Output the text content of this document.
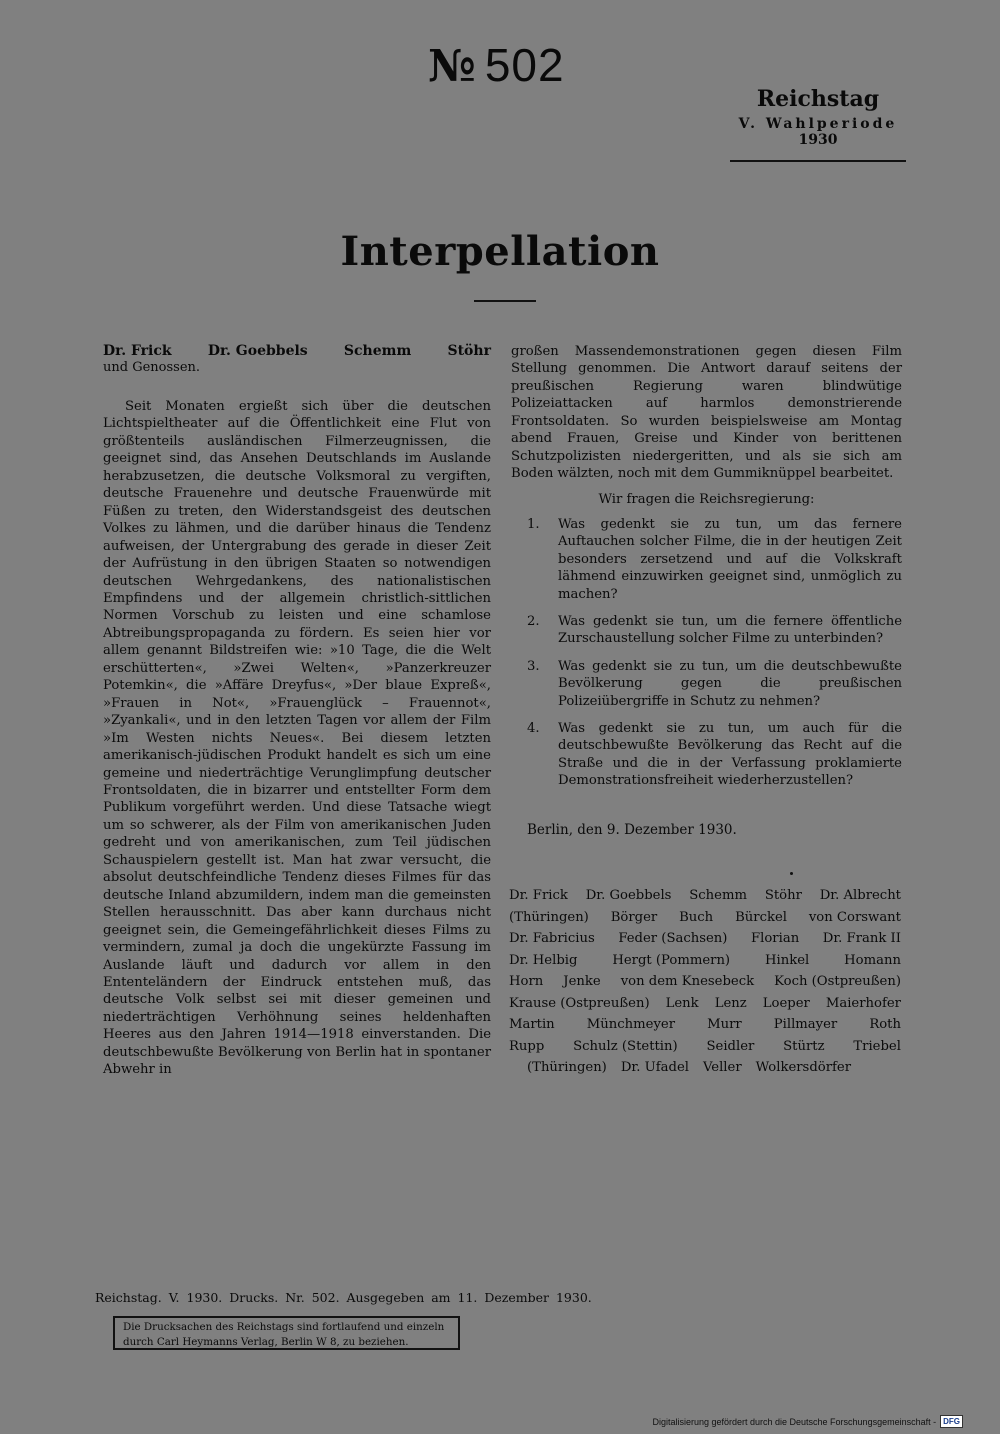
№ 502
Reichstag
V. Wahlperiode
1930
Interpellation
Dr. Frick	Dr. Goebbels	Schemm	Stöhr
und Genossen.

Seit Monaten ergießt sich über die deutschen Lichtspieltheater auf die Öffentlichkeit eine Flut von größtenteils ausländischen Filmerzeugnissen, die geeignet sind, das Ansehen Deutschlands im Auslande herabzusetzen, die deutsche Volksmoral zu vergiften, deutsche Frauenehre und deutsche Frauenwürde mit Füßen zu treten, den Widerstandsgeist des deutschen Volkes zu lähmen, und die darüber hinaus die Tendenz aufweisen, der Untergrabung des gerade in dieser Zeit der Aufrüstung in den übrigen Staaten so notwendigen deutschen Wehrgedankens, des nationalistischen Empfindens und der allgemein christlich-sittlichen Normen Vorschub zu leisten und eine schamlose Abtreibungspropaganda zu fördern. Es seien hier vor allem genannt Bildstreifen wie: »10 Tage, die die Welt erschütterten«, »Zwei Welten«, »Panzerkreuzer Potemkin«, die »Affäre Dreyfus«, »Der blaue Expreß«, »Frauen in Not«, »Frauenglück – Frauennot«, »Zyankali«, und in den letzten Tagen vor allem der Film »Im Westen nichts Neues«. Bei diesem letzten amerikanisch-jüdischen Produkt handelt es sich um eine gemeine und niederträchtige Verunglimpfung deutscher Frontsoldaten, die in bizarrer und entstellter Form dem Publikum vorgeführt werden. Und diese Tatsache wiegt um so schwerer, als der Film von amerikanischen Juden gedreht und von amerikanischen, zum Teil jüdischen Schauspielern gestellt ist. Man hat zwar versucht, die absolut deutschfeindliche Tendenz dieses Filmes für das deutsche Inland abzumildern, indem man die gemeinsten Stellen herausschnitt. Das aber kann durchaus nicht geeignet sein, die Gemeingefährlichkeit dieses Films zu vermindern, zumal ja doch die ungekürzte Fassung im Auslande läuft und dadurch vor allem in den Ententeländern der Eindruck entstehen muß, das deutsche Volk selbst sei mit dieser gemeinen und niederträchtigen Verhöhnung seines heldenhaften Heeres aus den Jahren 1914—1918 einverstanden. Die deutschbewußte Bevölkerung von Berlin hat in spontaner Abwehr in

großen Massendemonstrationen gegen diesen Film Stellung genommen. Die Antwort darauf seitens der preußischen Regierung waren blindwütige Polizeiattacken auf harmlos demonstrierende Frontsoldaten. So wurden beispielsweise am Montag abend Frauen, Greise und Kinder von berittenen Schutzpolizisten niedergeritten, und als sie sich am Boden wälzten, noch mit dem Gummiknüppel bearbeitet.

Wir fragen die Reichsregierung:
1.	Was gedenkt sie zu tun, um das fernere Auftauchen solcher Filme, die in der heutigen Zeit besonders zersetzend und auf die Volkskraft lähmend einzuwirken geeignet sind, unmöglich zu machen?
2.	Was gedenkt sie tun, um die fernere öffentliche Zurschaustellung solcher Filme zu unterbinden?
3.	Was gedenkt sie zu tun, um die deutschbewußte Bevölkerung gegen die preußischen Polizeiübergriffe in Schutz zu nehmen?
4.	Was gedenkt sie zu tun, um auch für die deutschbewußte Bevölkerung das Recht auf die Straße und die in der Verfassung proklamierte Demonstrationsfreiheit wiederherzustellen?
Berlin, den 9. Dezember 1930.
Dr. Frick Dr. Goebbels Schemm Stöhr Dr. Albrecht
(Thüringen) Börger Buch Bürckel von Corswant
Dr. Fabricius Feder (Sachsen) Florian Dr. Frank II
Dr. Helbig	Hergt (Pommern)	Hinkel	Homann
Horn Jenke von dem Knesebeck Koch (Ostpreußen)
Krause (Ostpreußen) Lenk Lenz Loeper Maierhofer
Martin Münchmeyer Murr Pillmayer Roth
Rupp Schulz (Stettin) Seidler Stürtz Triebel
(Thüringen) Dr. Ufadel Veller Wolkersdörfer
Reichstag. V. 1930. Drucks. Nr. 502. Ausgegeben am 11. Dezember 1930.
Die Drucksachen des Reichstags sind fortlaufend und einzeln durch Carl Heymanns Verlag, Berlin W 8, zu beziehen.
Digitalisierung gefördert durch die Deutsche Forschungsgemeinschaft - DFG
